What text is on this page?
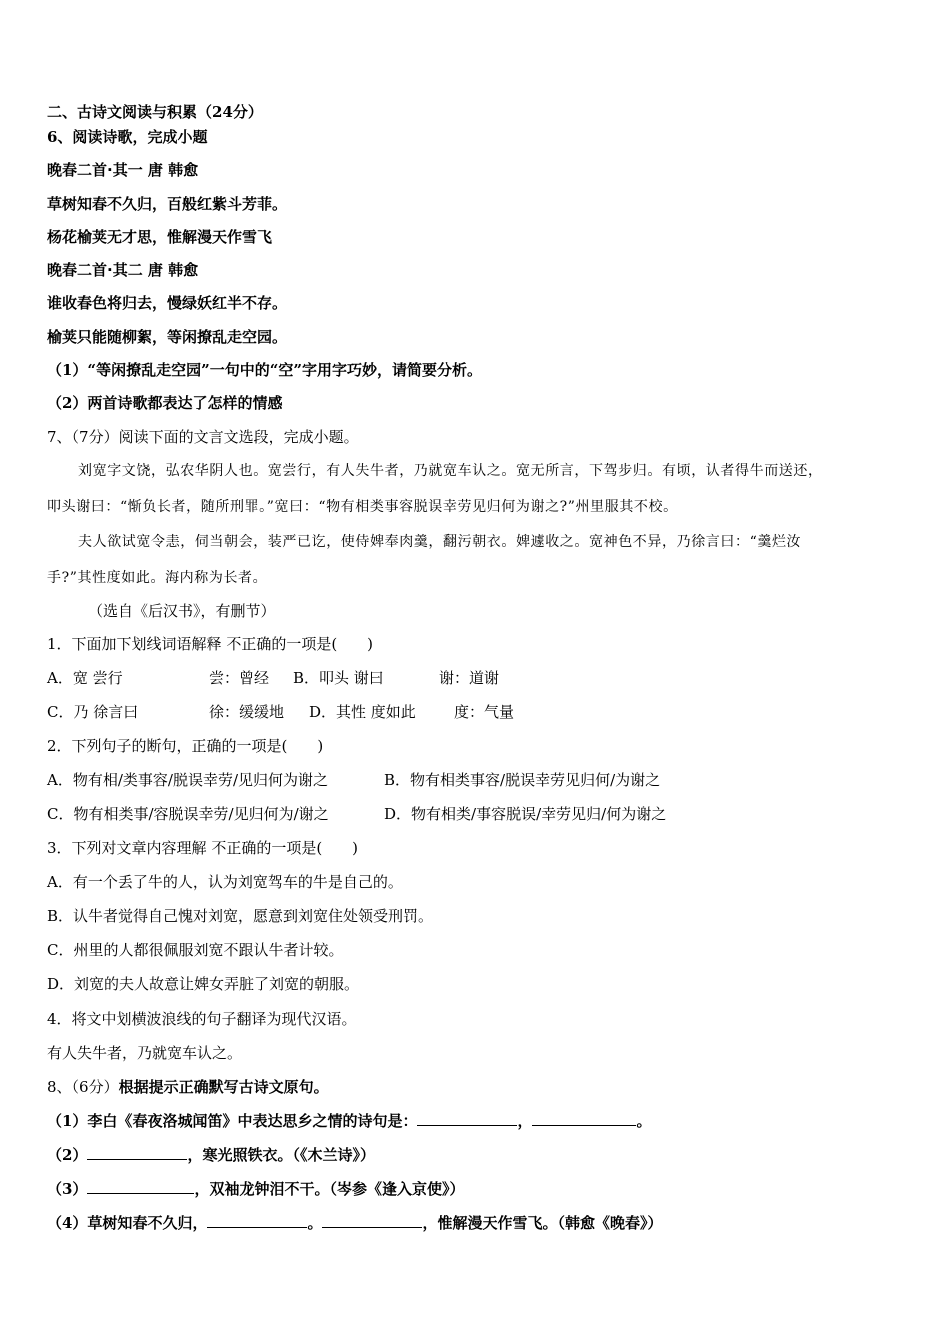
二、古诗文阅读与积累（24分）
6、阅读诗歌，完成小题
晚春二首·其一 唐 韩愈
草树知春不久归，百般红紫斗芳菲。
杨花榆荚无才思，惟解漫天作雪飞
晚春二首·其二 唐 韩愈
谁收春色将归去，慢绿妖红半不存。
榆荚只能随柳絮，等闲撩乱走空园。
（1）“等闲撩乱走空园”一句中的“空”字用字巧妙，请简要分析。
（2）两首诗歌都表达了怎样的情感
7、（7分）阅读下面的文言文选段，完成小题。
刘宽字文饶，弘农华阴人也。宽尝行，有人失牛者，乃就宽车认之。宽无所言，下驾步归。有顷，认者得牛而送还，
叩头谢曰：“惭负长者，随所刑罪。”宽曰：“物有相类事容脱误幸劳见归何为谢之?”州里服其不校。
夫人欲试宽令恚，伺当朝会，装严已讫，使侍婢奉肉羹，翻污朝衣。婢遽收之。宽神色不异，乃徐言曰：“羹烂汝
手?”其性度如此。海内称为长者。
（选自《后汉书》，有删节）
1．下面加下划线词语解释 不正确的一项是(　　)
A．宽 尝行	尝：曾经 B．叩头 谢曰	谢：道谢
C．乃 徐言曰	徐：缓缓地 D．其性 度如此	度：气量
2．下列句子的断句，正确的一项是(　　)
A．物有相/类事容/脱误幸劳/见归何为谢之	B．物有相类事容/脱误幸劳见归何/为谢之
C．物有相类事/容脱误幸劳/见归何为/谢之	D．物有相类/事容脱误/幸劳见归/何为谢之
3．下列对文章内容理解 不正确的一项是(　　)
A．有一个丢了牛的人，认为刘宽驾车的牛是自己的。
B．认牛者觉得自己愧对刘宽，愿意到刘宽住处领受刑罚。
C．州里的人都很佩服刘宽不跟认牛者计较。
D．刘宽的夫人故意让婢女弄脏了刘宽的朝服。
4．将文中划横波浪线的句子翻译为现代汉语。
有人失牛者，乃就宽车认之。
8、（6分）根据提示正确默写古诗文原句。
（1）李白《春夜洛城闻笛》中表达思乡之情的诗句是：	，	。
（2）	，寒光照铁衣。（《木兰诗》）
（3）	，双袖龙钟泪不干。（岑参《逢入京使》）
（4）草树知春不久归，	。	，惟解漫天作雪飞。（韩愈《晚春》）
